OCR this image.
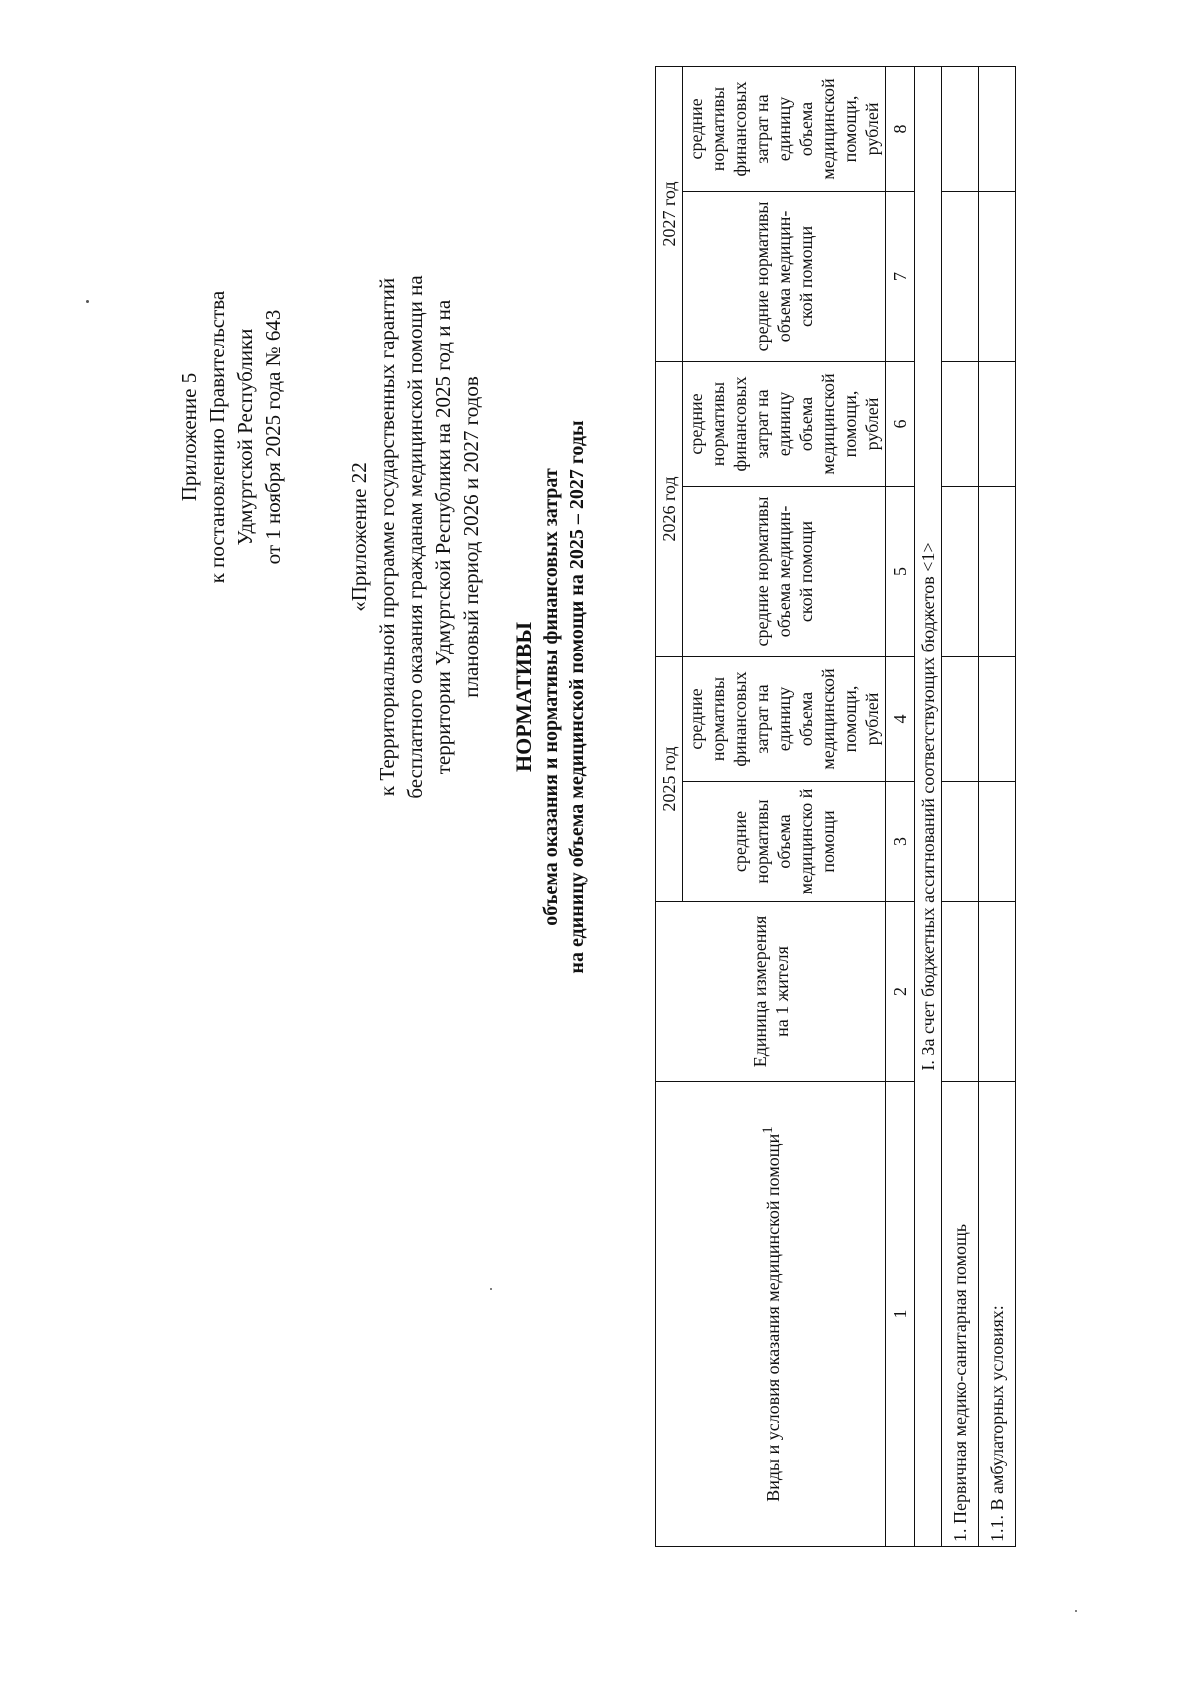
Приложение 5 к постановлению Правительства Удмуртской Республики от 1 ноября 2025 года № 643	«Приложение 22 к Территориальной программе государственных гарантий бесплатного оказания гражданам медицинской помощи на территории Удмуртской Республики на 2025 год и на плановый период 2026 и 2027 годов НОРМАТИВЫ объема оказания и нормативы финансовых затрат на единицу объема медицинской помощи на 2025 – 2027 годы
Виды и условия оказания медицинской помощи$^1$	Единица измерения на 1 жителя	2025 год		2026 год		2027 год	
		средние нормативы объема медицинско й помощи	средние нормативы финансовых затрат на единицу объема медицинской помощи, рублей	средние нормативы объема медицин-ской помощи	средние нормативы финансовых затрат на единицу объема медицинской помощи, рублей	средние нормативы объема медицин-ской помощи	средние нормативы финансовых затрат на единицу объема медицинской помощи, рублей
1	2	3	4	5	6	7	8
I. За счет бюджетных ассигнований соответствующих бюджетов <1>							
1. Первичная медико-санитарная помощь							
1.1. В амбулаторных условиях:							
